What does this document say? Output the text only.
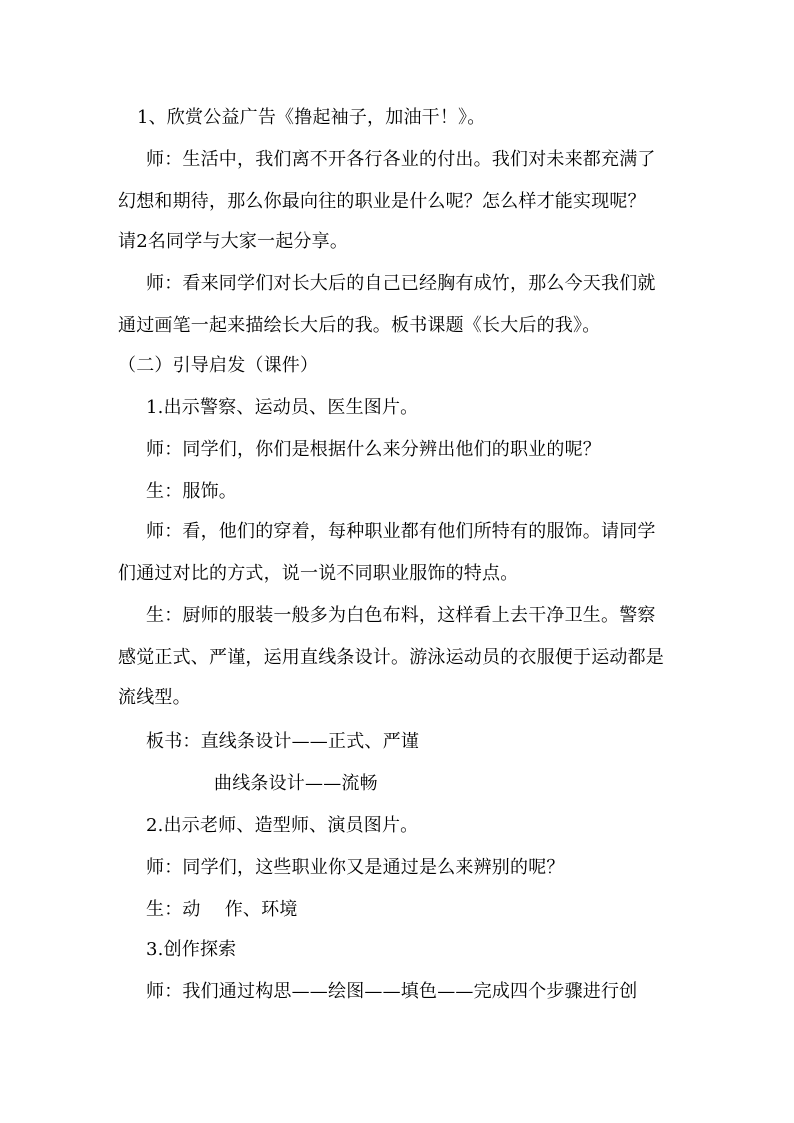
1、欣赏公益广告《撸起袖子，加油干！》。
师：生活中，我们离不开各行各业的付出。我们对未来都充满了
幻想和期待，那么你最向往的职业是什么呢？怎么样才能实现呢？
请2名同学与大家一起分享。
师：看来同学们对长大后的自己已经胸有成竹，那么今天我们就
通过画笔一起来描绘长大后的我。板书课题《长大后的我》。
（二）引导启发（课件）
1.出示警察、运动员、医生图片。
师：同学们，你们是根据什么来分辨出他们的职业的呢？
生：服饰。
师：看，他们的穿着，每种职业都有他们所特有的服饰。请同学
们通过对比的方式，说一说不同职业服饰的特点。
生：厨师的服装一般多为白色布料，这样看上去干净卫生。警察
感觉正式、严谨，运用直线条设计。游泳运动员的衣服便于运动都是
流线型。
板书：直线条设计——正式、严谨
曲线条设计——流畅
2.出示老师、造型师、演员图片。
师：同学们，这些职业你又是通过是么来辨别的呢？
生：动　 作、环境
3.创作探索
师：我们通过构思——绘图——填色——完成四个步骤进行创
